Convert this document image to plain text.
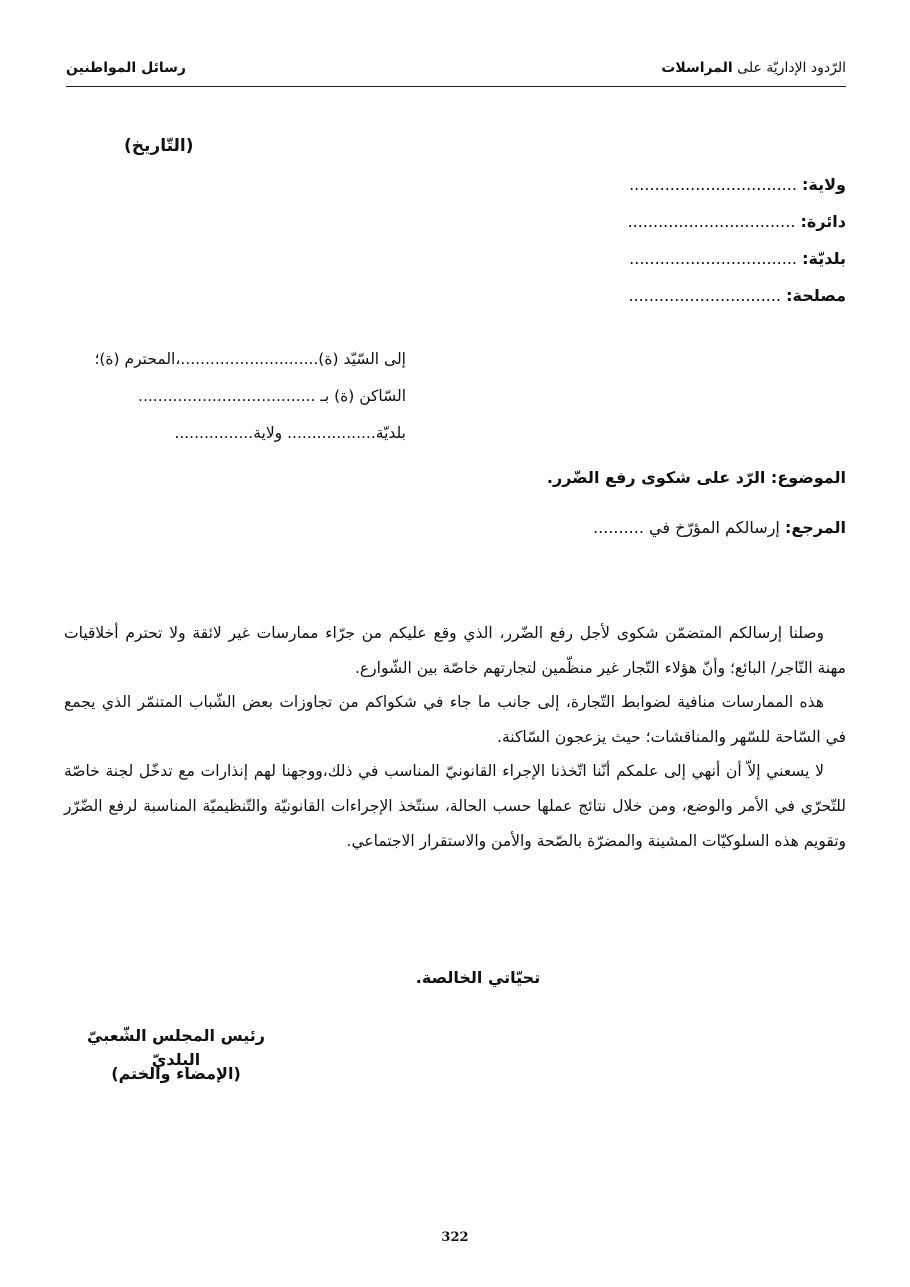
الرّدود الإداريّة على المراسلات
رسائل المواطنين
(التّاريخ)
ولاية: .................................
دائرة: .................................
بلديّة: .................................
مصلحة: ..............................
إلى السّيّد (ة)............................،المحترم (ة)؛
السّاكن (ة) بـ ....................................
بلديّة.................. ولاية................
الموضوع: الرّد على شكوى رفع الضّرر.
المرجع: إرسالكم المؤرّخ في ..........

وصلنا إرسالكم المتضمّن شكوى لأجل رفع الضّرر، الذي وقع عليكم من جرّاء ممارسات غير لائقة ولا تحترم أخلاقيات مهنة التّاجر/ البائع؛ وأنّ هؤلاء التّجار غير منظّمين لتجارتهم خاصّة بين الشّوارع.

هذه الممارسات منافية لضوابط التّجارة، إلى جانب ما جاء في شكواكم من تجاوزات بعض الشّباب المتنمّر الذي يجمع في السّاحة للسّهر والمناقشات؛ حيث يزعجون السّاكنة.

لا يسعني إلاّ أن أنهي إلى علمكم أنّنا اتّخذنا الإجراء القانونيّ المناسب في ذلك،ووجهنا لهم إنذارات مع تدخّل لجنة خاصّة للتّحرّي في الأمر والوضع، ومن خلال نتائج عملها حسب الحالة، سنتّخذ الإجراءات القانونيّة والتّنظيميّة المناسبة لرفع الضّرّر وتقويم هذه السلوكيّات المشينة والمضرّة بالصّحة والأمن والاستقرار الاجتماعي.

تحيّاتي الخالصة.
رئيس المجلس الشّعبيّ البلديّ
(الإمضاء والختم)
322
